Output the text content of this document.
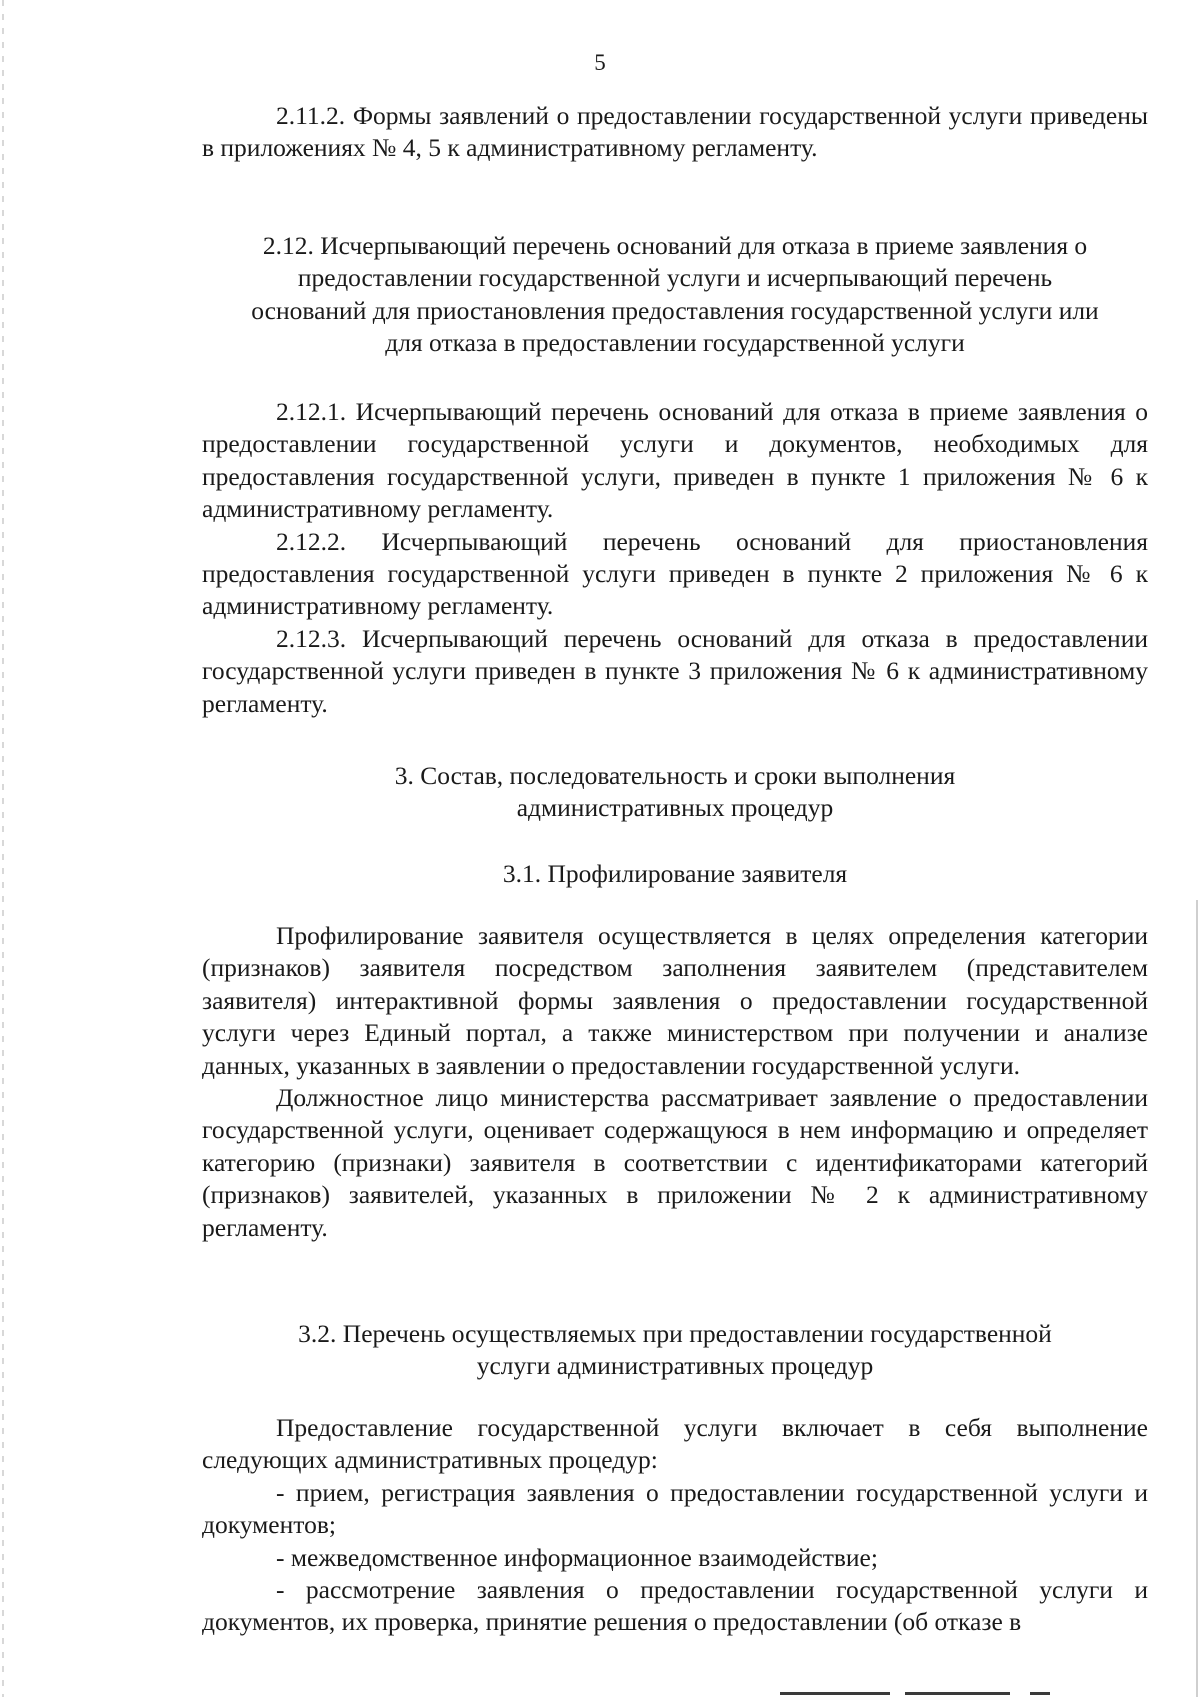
5

2.11.2. Формы заявлений о предоставлении государственной услуги приведены в приложениях № 4, 5 к административному регламенту.

2.12. Исчерпывающий перечень оснований для отказа в приеме заявления о
предоставлении государственной услуги и исчерпывающий перечень
оснований для приостановления предоставления государственной услуги или
для отказа в предоставлении государственной услуги

2.12.1. Исчерпывающий перечень оснований для отказа в приеме заявления о предоставлении государственной услуги и документов, необходимых для предоставления государственной услуги, приведен в пункте 1 приложения № 6 к административному регламенту.

2.12.2. Исчерпывающий перечень оснований для приостановления предоставления государственной услуги приведен в пункте 2 приложения № 6 к административному регламенту.

2.12.3. Исчерпывающий перечень оснований для отказа в предоставлении государственной услуги приведен в пункте 3 приложения № 6 к административному регламенту.

3. Состав, последовательность и сроки выполнения
административных процедур
3.1. Профилирование заявителя

Профилирование заявителя осуществляется в целях определения категории (признаков) заявителя посредством заполнения заявителем (представителем заявителя) интерактивной формы заявления о предоставлении государственной услуги через Единый портал, а также министерством при получении и анализе данных, указанных в заявлении о предоставлении государственной услуги.

Должностное лицо министерства рассматривает заявление о предоставлении государственной услуги, оценивает содержащуюся в нем информацию и определяет категорию (признаки) заявителя в соответствии с идентификаторами категорий (признаков) заявителей, указанных в приложении № 2 к административному регламенту.

3.2. Перечень осуществляемых при предоставлении государственной
услуги административных процедур

Предоставление государственной услуги включает в себя выполнение следующих административных процедур:

- прием, регистрация заявления о предоставлении государственной услуги и документов;

- межведомственное информационное взаимодействие;

- рассмотрение заявления о предоставлении государственной услуги и документов, их проверка, принятие решения о предоставлении (об отказе в
